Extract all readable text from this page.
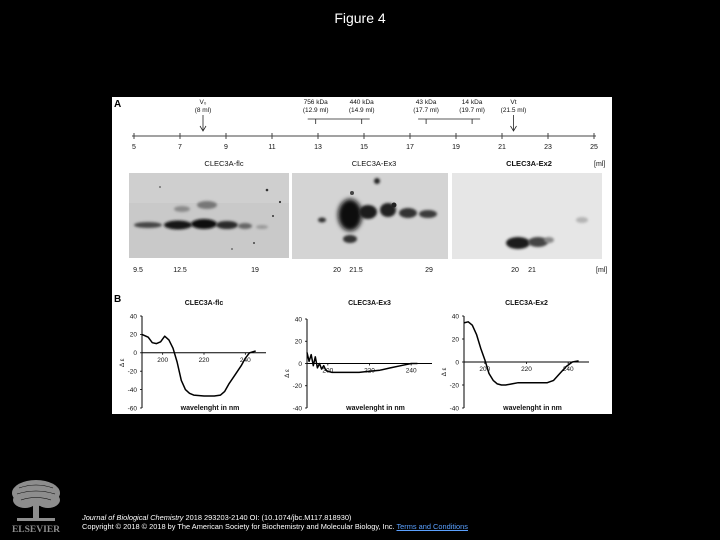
Figure 4
A	V₀
(8 ml)
756 kDa
(12.9 ml)
440 kDa
(14.9 ml)
43 kDa
(17.7 ml)
14 kDa
(19.7 ml)
Vt
(21.5 ml)
5	7	9	11	13	15	17	19	21	23	25
CLEC3A-flc	CLEC3A-Ex3	CLEC3A-Ex2	[ml]
9.5	12.5	19	20 21.5	29	20 21	[ml]
B	CLEC3A-flc
40
20
0
-20
-40
-60
Δ ε	200	220	240
wavelenght in nm
CLEC3A-Ex3
40
20
0
-20
-40
Δ ε	200	220	240
wavelenght in nm
CLEC3A-Ex2
40
20
0
-20
-40
Δ ε	200	220	240
wavelenght in nm
ELSEVIER
Journal of Biological Chemistry 2018 293203-2140 OI: (10.1074/jbc.M117.818930)
Copyright © 2018 © 2018 by The American Society for Biochemistry and Molecular Biology, Inc. Terms and Conditions
